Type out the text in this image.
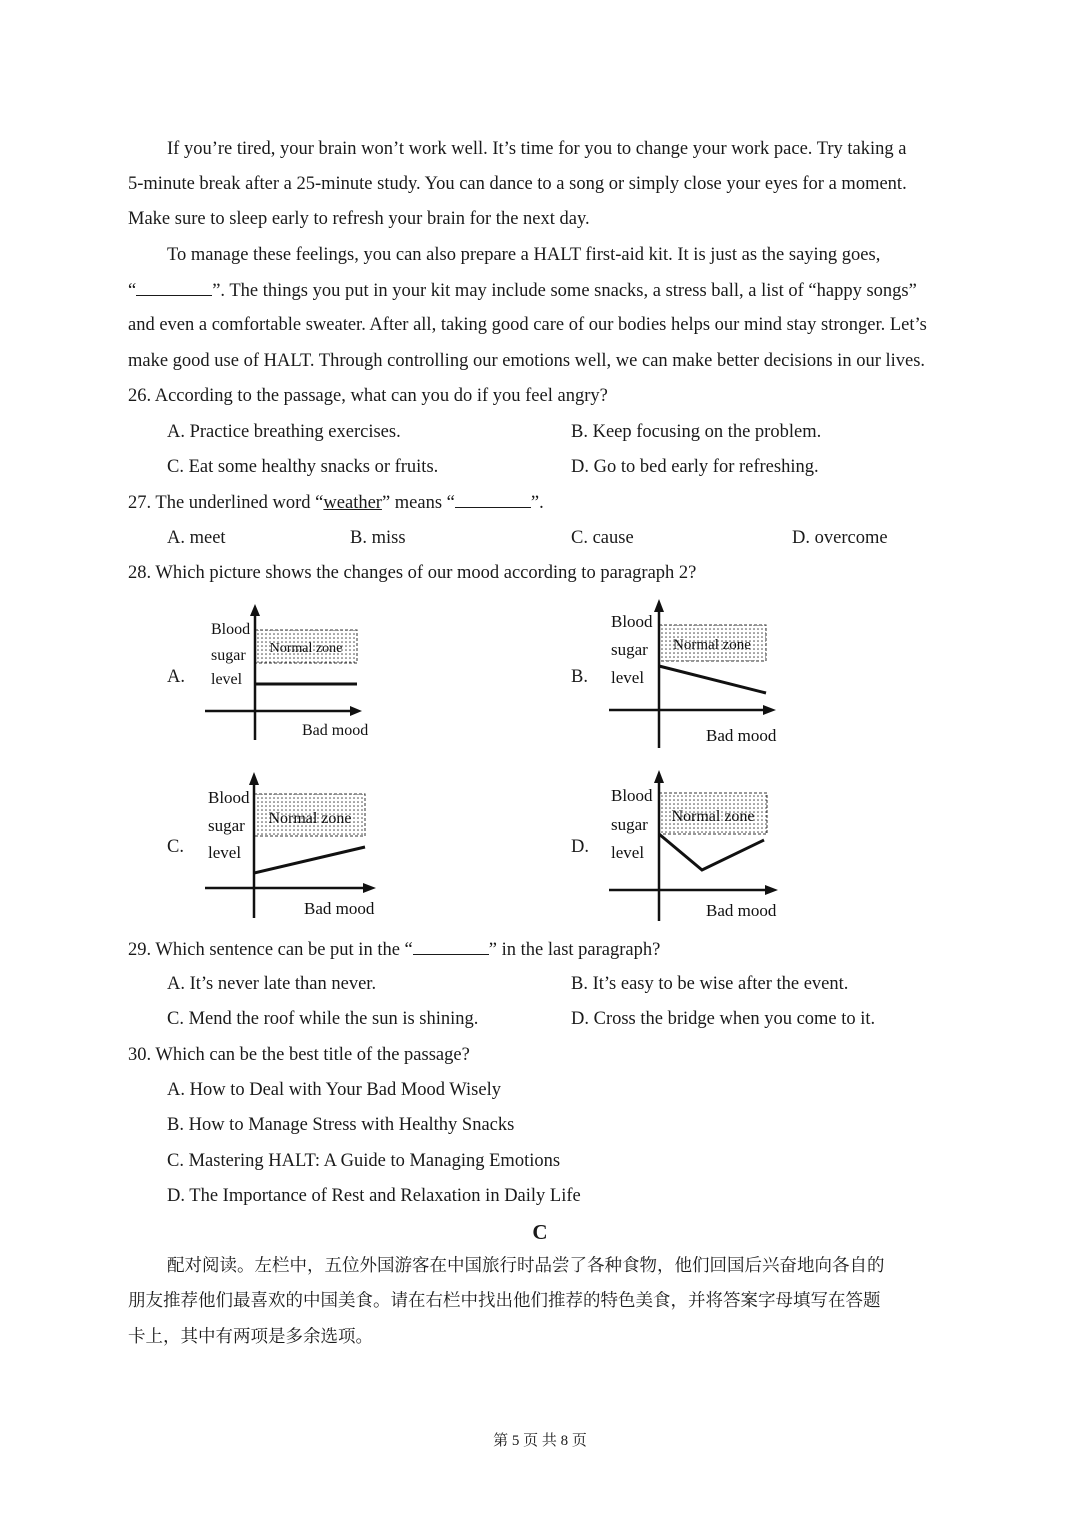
If you’re tired, your brain won’t work well. It’s time for you to change your work pace. Try taking a
5-minute break after a 25-minute study. You can dance to a song or simply close your eyes for a moment.
Make sure to sleep early to refresh your brain for the next day.
To manage these feelings, you can also prepare a HALT first-aid kit. It is just as the saying goes,
“	”. The things you put in your kit may include some snacks, a stress ball, a list of “happy songs”
and even a comfortable sweater. After all, taking good care of our bodies helps our mind stay stronger. Let’s
make good use of HALT. Through controlling our emotions well, we can make better decisions in our lives.
26. According to the passage, what can you do if you feel angry?
A. Practice breathing exercises.	B. Keep focusing on the problem.
C. Eat some healthy snacks or fruits.	D. Go to bed early for refreshing.
27. The underlined word “weather” means “	”.
A. meet	B. miss	C. cause	D. overcome
28. Which picture shows the changes of our mood according to paragraph 2?
A.	B.
C.	D.
Normal zone
Blood
sugar
level
Bad mood
Normal zone
Blood
sugar
level
Bad mood
Normal zone
Blood
sugar
level
Bad mood
Normal zone
Blood
sugar
level
Bad mood
29. Which sentence can be put in the “	” in the last paragraph?
A. It’s never late than never.	B. It’s easy to be wise after the event.
C. Mend the roof while the sun is shining.	D. Cross the bridge when you come to it.
30. Which can be the best title of the passage?
A. How to Deal with Your Bad Mood Wisely
B. How to Manage Stress with Healthy Snacks
C. Mastering HALT: A Guide to Managing Emotions
D. The Importance of Rest and Relaxation in Daily Life
C
配对阅读。左栏中，五位外国游客在中国旅行时品尝了各种食物，他们回国后兴奋地向各自的
朋友推荐他们最喜欢的中国美食。请在右栏中找出他们推荐的特色美食，并将答案字母填写在答题
卡上，其中有两项是多余选项。
第 5 页 共 8 页
